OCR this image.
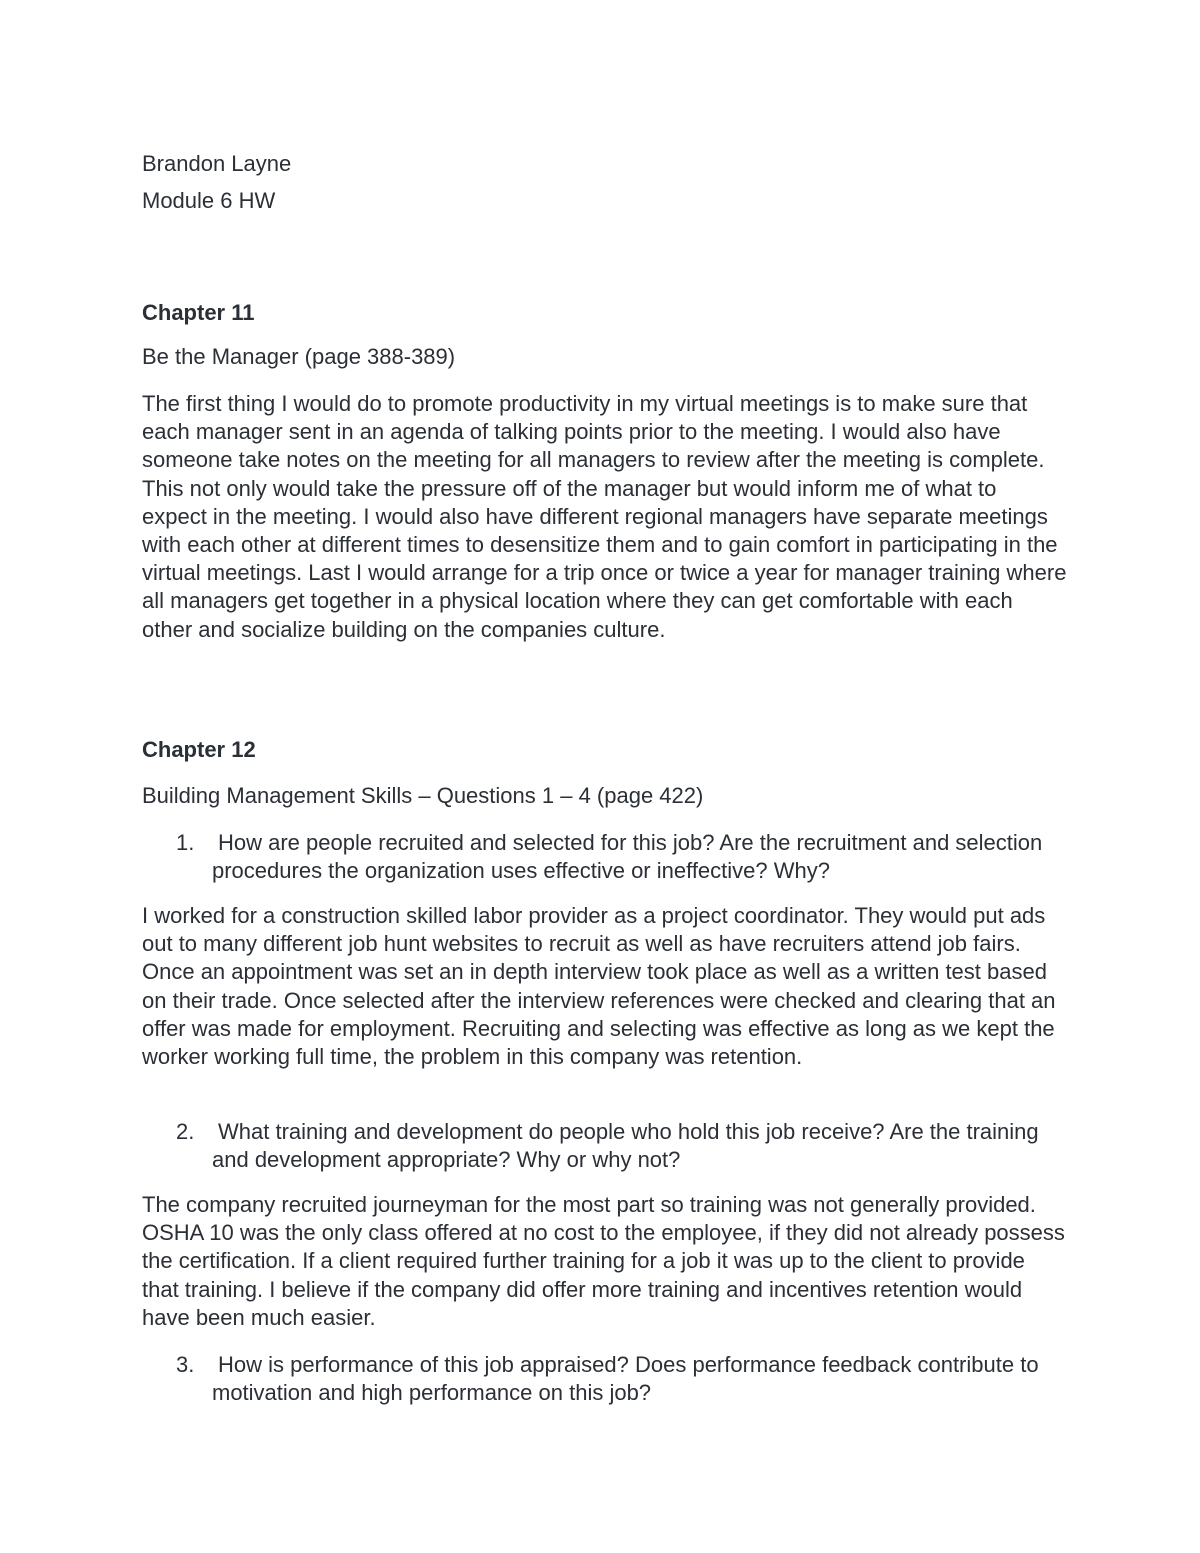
Brandon Layne
Module 6 HW
Chapter 11
Be the Manager (page 388-389)
The first thing I would do to promote productivity in my virtual meetings is to make sure that each manager sent in an agenda of talking points prior to the meeting. I would also have someone take notes on the meeting for all managers to review after the meeting is complete. This not only would take the pressure off of the manager but would inform me of what to expect in the meeting. I would also have different regional managers have separate meetings with each other at different times to desensitize them and to gain comfort in participating in the virtual meetings. Last I would arrange for a trip once or twice a year for manager training where all managers get together in a physical location where they can get comfortable with each other and socialize building on the companies culture.
Chapter 12
Building Management Skills – Questions 1 – 4 (page 422)
1. How are people recruited and selected for this job? Are the recruitment and selection procedures the organization uses effective or ineffective? Why?
I worked for a construction skilled labor provider as a project coordinator. They would put ads out to many different job hunt websites to recruit as well as have recruiters attend job fairs. Once an appointment was set an in depth interview took place as well as a written test based on their trade. Once selected after the interview references were checked and clearing that an offer was made for employment. Recruiting and selecting was effective as long as we kept the worker working full time, the problem in this company was retention.
2. What training and development do people who hold this job receive? Are the training and development appropriate? Why or why not?
The company recruited journeyman for the most part so training was not generally provided. OSHA 10 was the only class offered at no cost to the employee, if they did not already possess the certification. If a client required further training for a job it was up to the client to provide that training. I believe if the company did offer more training and incentives retention would have been much easier.
3. How is performance of this job appraised? Does performance feedback contribute to motivation and high performance on this job?
